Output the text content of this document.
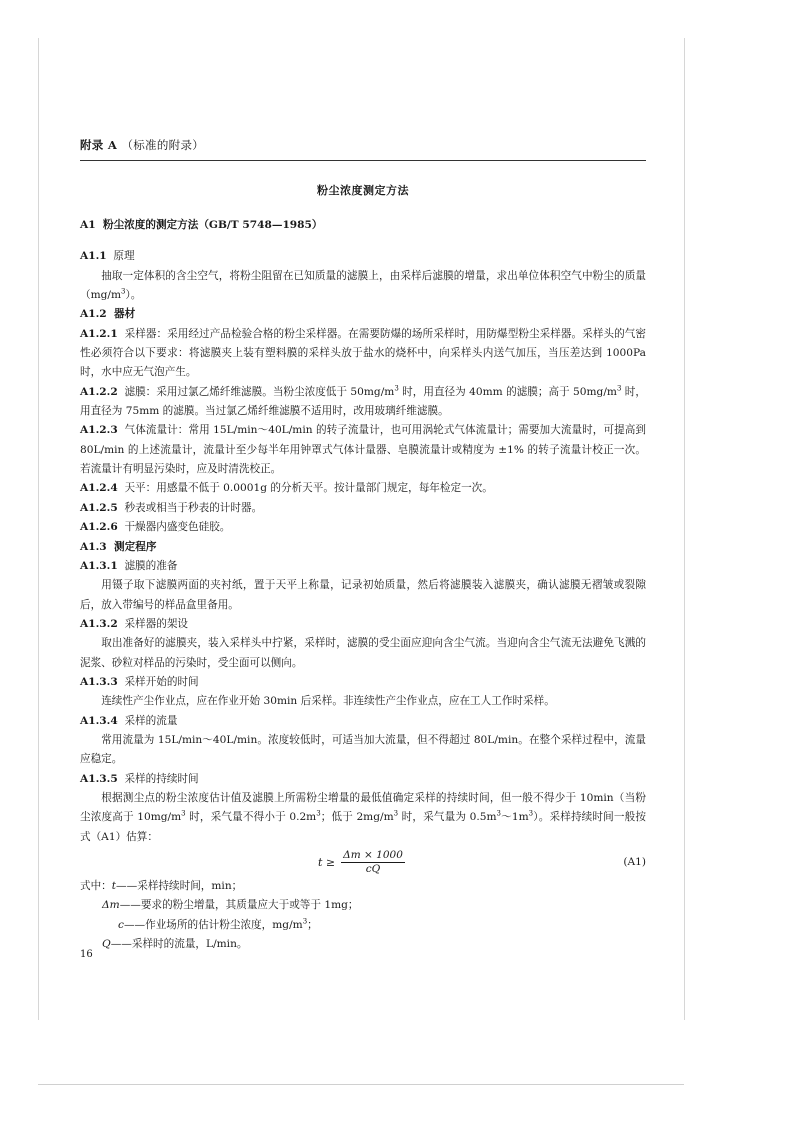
附录 A （标准的附录）
粉尘浓度测定方法

A1 粉尘浓度的测定方法（GB/T 5748—1985）

A1.1 原理

抽取一定体积的含尘空气，将粉尘阻留在已知质量的滤膜上，由采样后滤膜的增量，求出单位体积空气中粉尘的质量$(mg/m^3)$。

A1.2 器材

A1.2.1 采样器：采用经过产品检验合格的粉尘采样器。在需要防爆的场所采样时，用防爆型粉尘采样器。采样头的气密性必须符合以下要求：将滤膜夹上装有塑料膜的采样头放于盐水的烧杯中，向采样头内送气加压，当压差达到 1000Pa 时，水中应无气泡产生。

A1.2.2 滤膜：采用过氯乙烯纤维滤膜。当粉尘浓度低于 $50mg/m^3$ 时，用直径为 40mm 的滤膜；高于 $50mg/m^3$ 时，用直径为 75mm 的滤膜。当过氯乙烯纤维滤膜不适用时，改用玻璃纤维滤膜。

A1.2.3 气体流量计：常用 15L/min～40L/min 的转子流量计，也可用涡轮式气体流量计；需要加大流量时，可提高到 80L/min 的上述流量计，流量计至少每半年用钟罩式气体计量器、皂膜流量计或精度为 ±1% 的转子流量计校正一次。若流量计有明显污染时，应及时清洗校正。

A1.2.4 天平：用感量不低于 0.0001g 的分析天平。按计量部门规定，每年检定一次。

A1.2.5 秒表或相当于秒表的计时器。

A1.2.6 干燥器内盛变色硅胶。

A1.3 测定程序

A1.3.1 滤膜的准备

用镊子取下滤膜两面的夹衬纸，置于天平上称量，记录初始质量，然后将滤膜装入滤膜夹，确认滤膜无褶皱或裂隙后，放入带编号的样品盒里备用。

A1.3.2 采样器的架设

取出准备好的滤膜夹，装入采样头中拧紧，采样时，滤膜的受尘面应迎向含尘气流。当迎向含尘气流无法避免飞溅的泥浆、砂粒对样品的污染时，受尘面可以侧向。

A1.3.3 采样开始的时间

连续性产尘作业点，应在作业开始 30min 后采样。非连续性产尘作业点，应在工人工作时采样。

A1.3.4 采样的流量

常用流量为 15L/min～40L/min。浓度较低时，可适当加大流量，但不得超过 80L/min。在整个采样过程中，流量应稳定。

A1.3.5 采样的持续时间

根据测尘点的粉尘浓度估计值及滤膜上所需粉尘增量的最低值确定采样的持续时间，但一般不得少于 10min（当粉尘浓度高于 $10mg/m^3$ 时，采气量不得小于 $0.2m^3$；低于 $2mg/m^3$ 时，采气量为 $0.5m^3\sim 1m^3$）。采样持续时间一般按式（A1）估算：

$t \ge \frac{\Delta m \times 1000}{cQ}$	(A1)

式中：t——采样持续时间，min；

Δm——要求的粉尘增量，其质量应大于或等于 1mg；

c——作业场所的估计粉尘浓度，$mg/m^3$；

Q——采样时的流量，L/min。

16
